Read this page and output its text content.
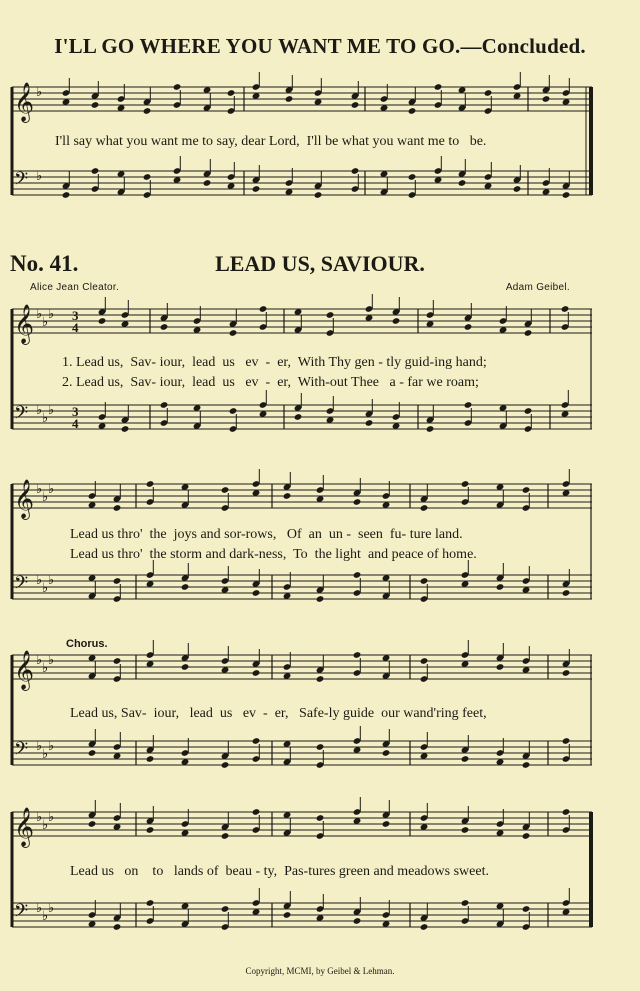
I'LL GO WHERE YOU WANT ME TO GO.—Concluded.
𝄞 ♭
𝄢 ♭
𝄞 ♭
♭
♭
𝄢 ♭
♭
♭
𝄞 ♭
♭
♭
𝄢 ♭
♭
♭
𝄞 ♭
♭
♭
𝄢 ♭
♭
♭
𝄞 ♭
♭
♭
𝄢 ♭
♭
♭
3
4
3
4
I'll say what you want me to say, dear Lord,  I'll be what you want me to   be.
No. 41.	LEAD US, SAVIOUR.
Alice Jean Cleator.	Adam Geibel.
1. Lead us,  Sav- iour,  lead  us   ev  -  er,  With Thy gen - tly guid-ing hand;
2. Lead us,  Sav- iour,  lead  us   ev  -  er,  With-out Thee   a - far we roam;
Lead us thro'  the  joys and sor-rows,   Of  an  un -  seen  fu- ture land.
Lead us thro'  the storm and dark-ness,  To  the light  and peace of home.
Chorus.
Lead us, Sav-  iour,   lead  us   ev  -  er,   Safe-ly guide  our wand'ring feet,
Lead us   on    to   lands of  beau - ty,  Pas-tures green and meadows sweet.
Copyright, MCMI, by Geibel & Lehman.
